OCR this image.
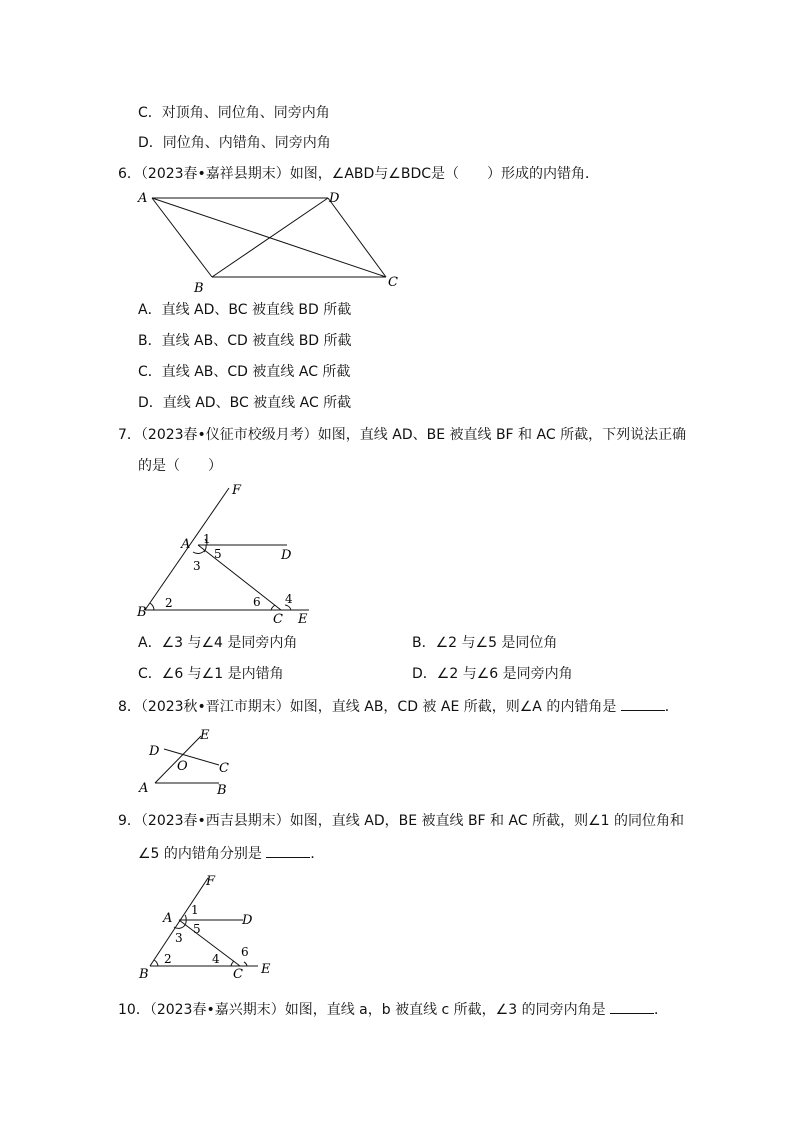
C．对顶角、同位角、同旁内角
D．同位角、内错角、同旁内角
6．（2023春•嘉祥县期末）如图，∠ABD与∠BDC是（　　）形成的内错角．
A	D
B	C
A．直线 AD、BC 被直线 BD 所截
B．直线 AB、CD 被直线 BD 所截
C．直线 AB、CD 被直线 AC 所截
D．直线 AD、BC 被直线 AC 所截
7．（2023春•仪征市校级月考）如图，直线 AD、BE 被直线 BF 和 AC 所截，下列说法正确
的是（　　）
F
A
D
B	C E
1
5
3
2	6 4
A．∠3 与∠4 是同旁内角	B．∠2 与∠5 是同位角
C．∠6 与∠1 是内错角	D．∠2 与∠6 是同旁内角
8．（2023秋•晋江市期末）如图，直线 AB，CD 被 AE 所截，则∠A 的内错角是	．
D
E
O C
A	B
9．（2023春•西吉县期末）如图，直线 AD，BE 被直线 BF 和 AC 所截，则∠1 的同位角和
∠5 的内错角分别是	．
F
A	D
B	C E
1
5
3
2	4 6
10．（2023春•嘉兴期末）如图，直线 a，b 被直线 c 所截，∠3 的同旁内角是	．
